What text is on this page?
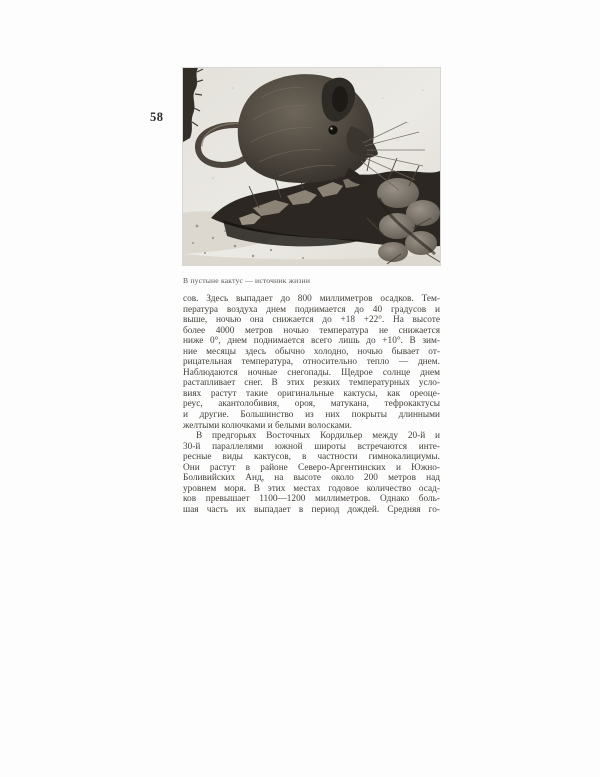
58
В пустыне кактус — источник жизни
сов. Здесь выпадает до 800 миллиметров осадков. Тем-
пература воздуха днем поднимается до 40 градусов и
выше, ночью она снижается до +18 +22°. На высоте
более 4000 метров ночью температура не снижается
ниже 0°, днем поднимается всего лишь до +10°. В зим-
ние месяцы здесь обычно холодно, ночью бывает от-
рицательная температура, относительно тепло — днем.
Наблюдаются ночные снегопады. Щедрое солнце днем
растапливает снег. В этих резких температурных усло-
виях растут такие оригинальные кактусы, как ореоце-
реус, акантолобивия, ороя, матукана, тефрокактусы
и другие. Большинство из них покрыты длинными
желтыми колючками и белыми волосками.
В предгорьях Восточных Кордильер между 20-й и
30-й параллелями южной широты встречаются инте-
ресные виды кактусов, в частности гимнокалициумы.
Они растут в районе Северо-Аргентинских и Южно-
Боливийских Анд, на высоте около 200 метров над
уровнем моря. В этих местах годовое количество осад-
ков превышает 1100—1200 миллиметров. Однако боль-
шая часть их выпадает в период дождей. Средняя го-
